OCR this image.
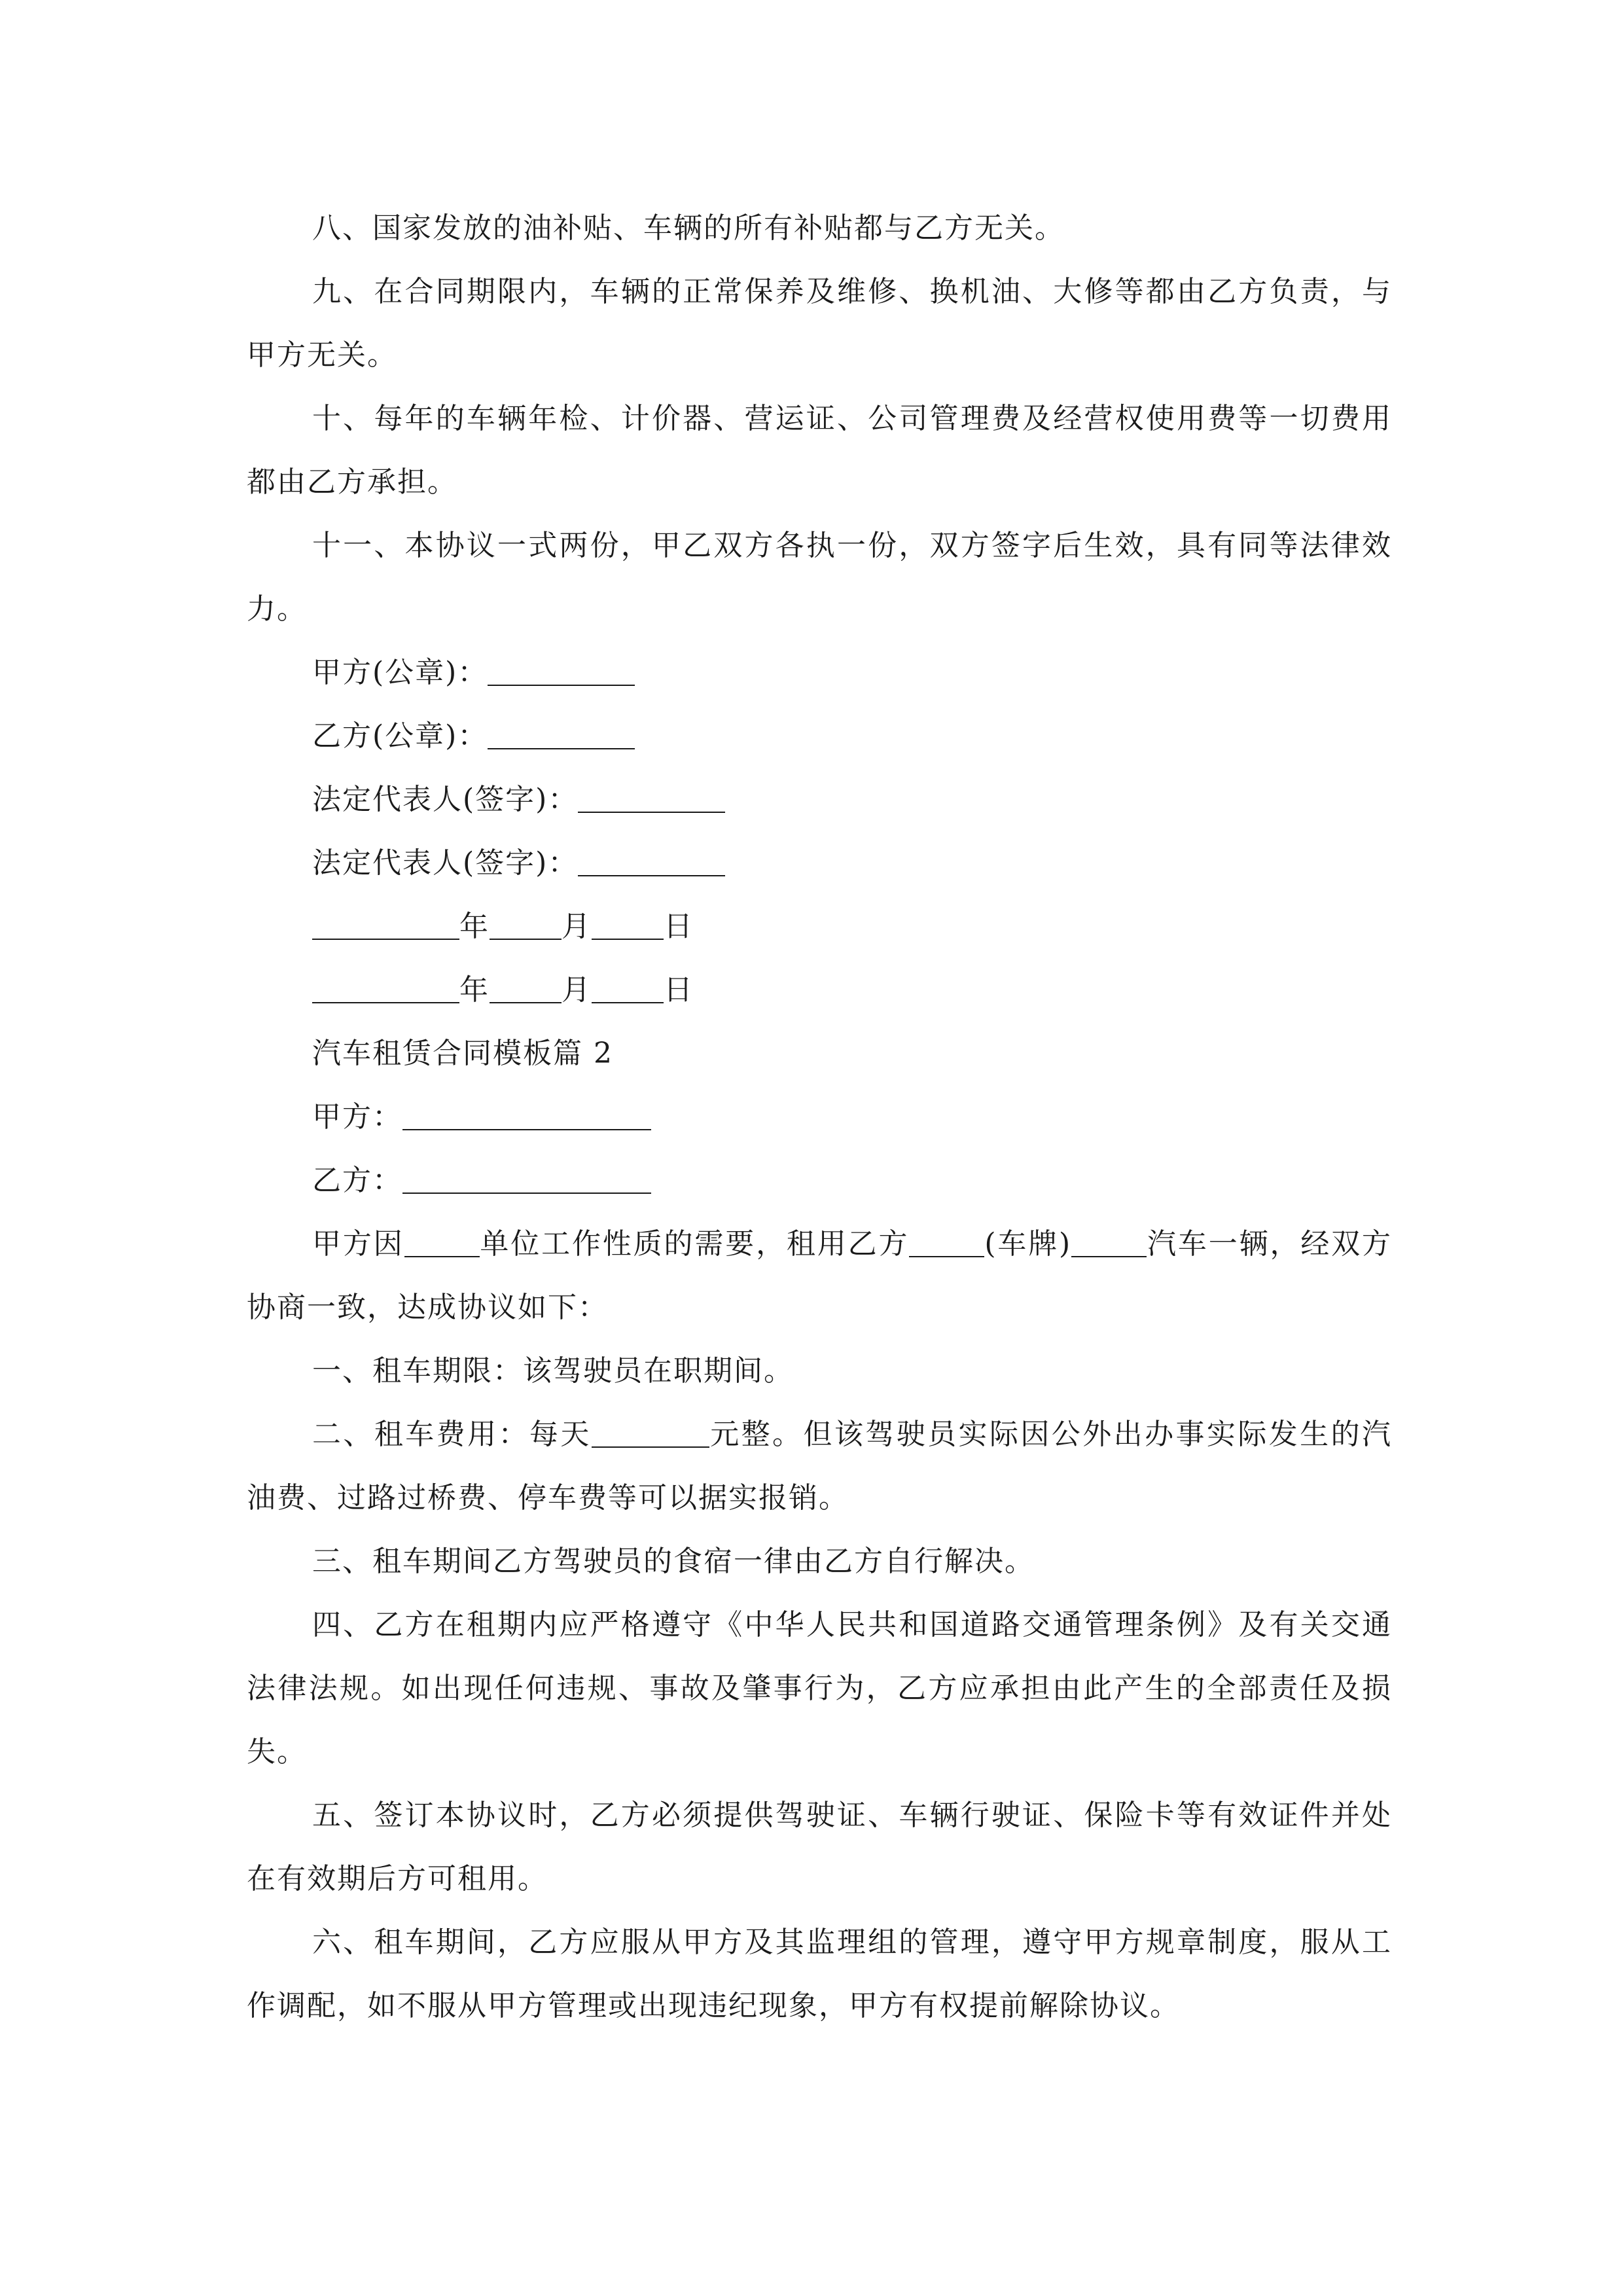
八、国家发放的油补贴、车辆的所有补贴都与乙方无关。

九、在合同期限内，车辆的正常保养及维修、换机油、大修等都由乙方负责，与甲方无关。

十、每年的车辆年检、计价器、营运证、公司管理费及经营权使用费等一切费用都由乙方承担。

十一、本协议一式两份，甲乙双方各执一份，双方签字后生效，具有同等法律效力。

甲方(公章)：

乙方(公章)：

法定代表人(签字)：

法定代表人(签字)：

年	月	日

年	月	日

汽车租赁合同模板篇 2

甲方：

乙方：

甲方因	单位工作性质的需要，租用乙方	(车牌)	汽车一辆，经双方协商一致，达成协议如下：

一、租车期限：该驾驶员在职期间。

二、租车费用：每天	元整。但该驾驶员实际因公外出办事实际发生的汽油费、过路过桥费、停车费等可以据实报销。

三、租车期间乙方驾驶员的食宿一律由乙方自行解决。

四、乙方在租期内应严格遵守《中华人民共和国道路交通管理条例》及有关交通法律法规。如出现任何违规、事故及肇事行为，乙方应承担由此产生的全部责任及损失。

五、签订本协议时，乙方必须提供驾驶证、车辆行驶证、保险卡等有效证件并处在有效期后方可租用。

六、租车期间，乙方应服从甲方及其监理组的管理，遵守甲方规章制度，服从工作调配，如不服从甲方管理或出现违纪现象，甲方有权提前解除协议。
